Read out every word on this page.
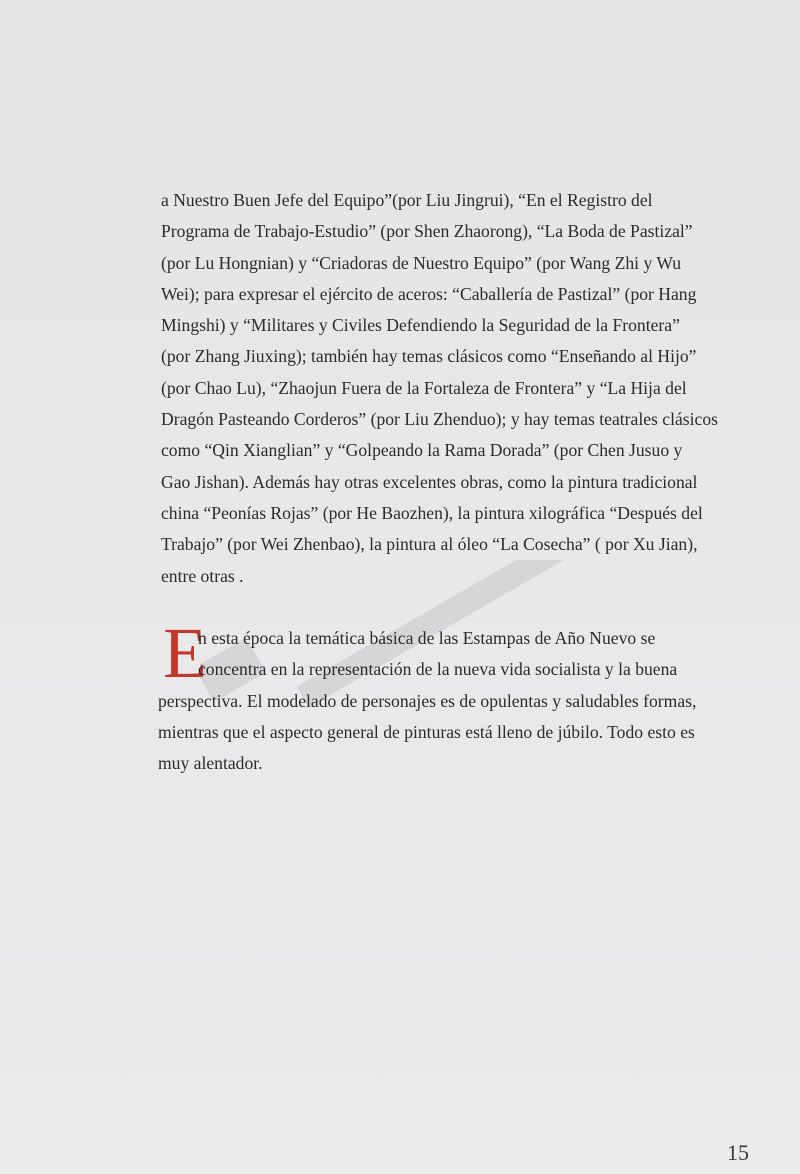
a Nuestro Buen Jefe del Equipo”(por Liu Jingrui), “En el Registro del
Programa de Trabajo-Estudio” (por Shen Zhaorong), “La Boda de Pastizal”
(por Lu Hongnian) y “Criadoras de Nuestro Equipo” (por Wang Zhi y Wu
Wei); para expresar el ejército de aceros: “Caballería de Pastizal” (por Hang
Mingshi) y “Militares y Civiles Defendiendo la Seguridad de la Frontera”
(por Zhang Jiuxing); también hay temas clásicos como “Enseñando al Hijo”
(por Chao Lu), “Zhaojun Fuera de la Fortaleza de Frontera” y “La Hija del
Dragón Pasteando Corderos” (por Liu Zhenduo); y hay temas teatrales clásicos
como “Qin Xianglian” y “Golpeando la Rama Dorada” (por Chen Jusuo y
Gao Jishan). Además hay otras excelentes obras, como la pintura tradicional
china “Peonías Rojas” (por He Baozhen), la pintura xilográfica “Después del
Trabajo” (por Wei Zhenbao), la pintura al óleo “La Cosecha” ( por Xu Jian),
entre otras .
E
n esta época la temática básica de las Estampas de Año Nuevo se
concentra en la representación de la nueva vida socialista y la buena
perspectiva. El modelado de personajes es de opulentas y saludables formas,
mientras que el aspecto general de pinturas está lleno de júbilo. Todo esto es
muy alentador.
15
